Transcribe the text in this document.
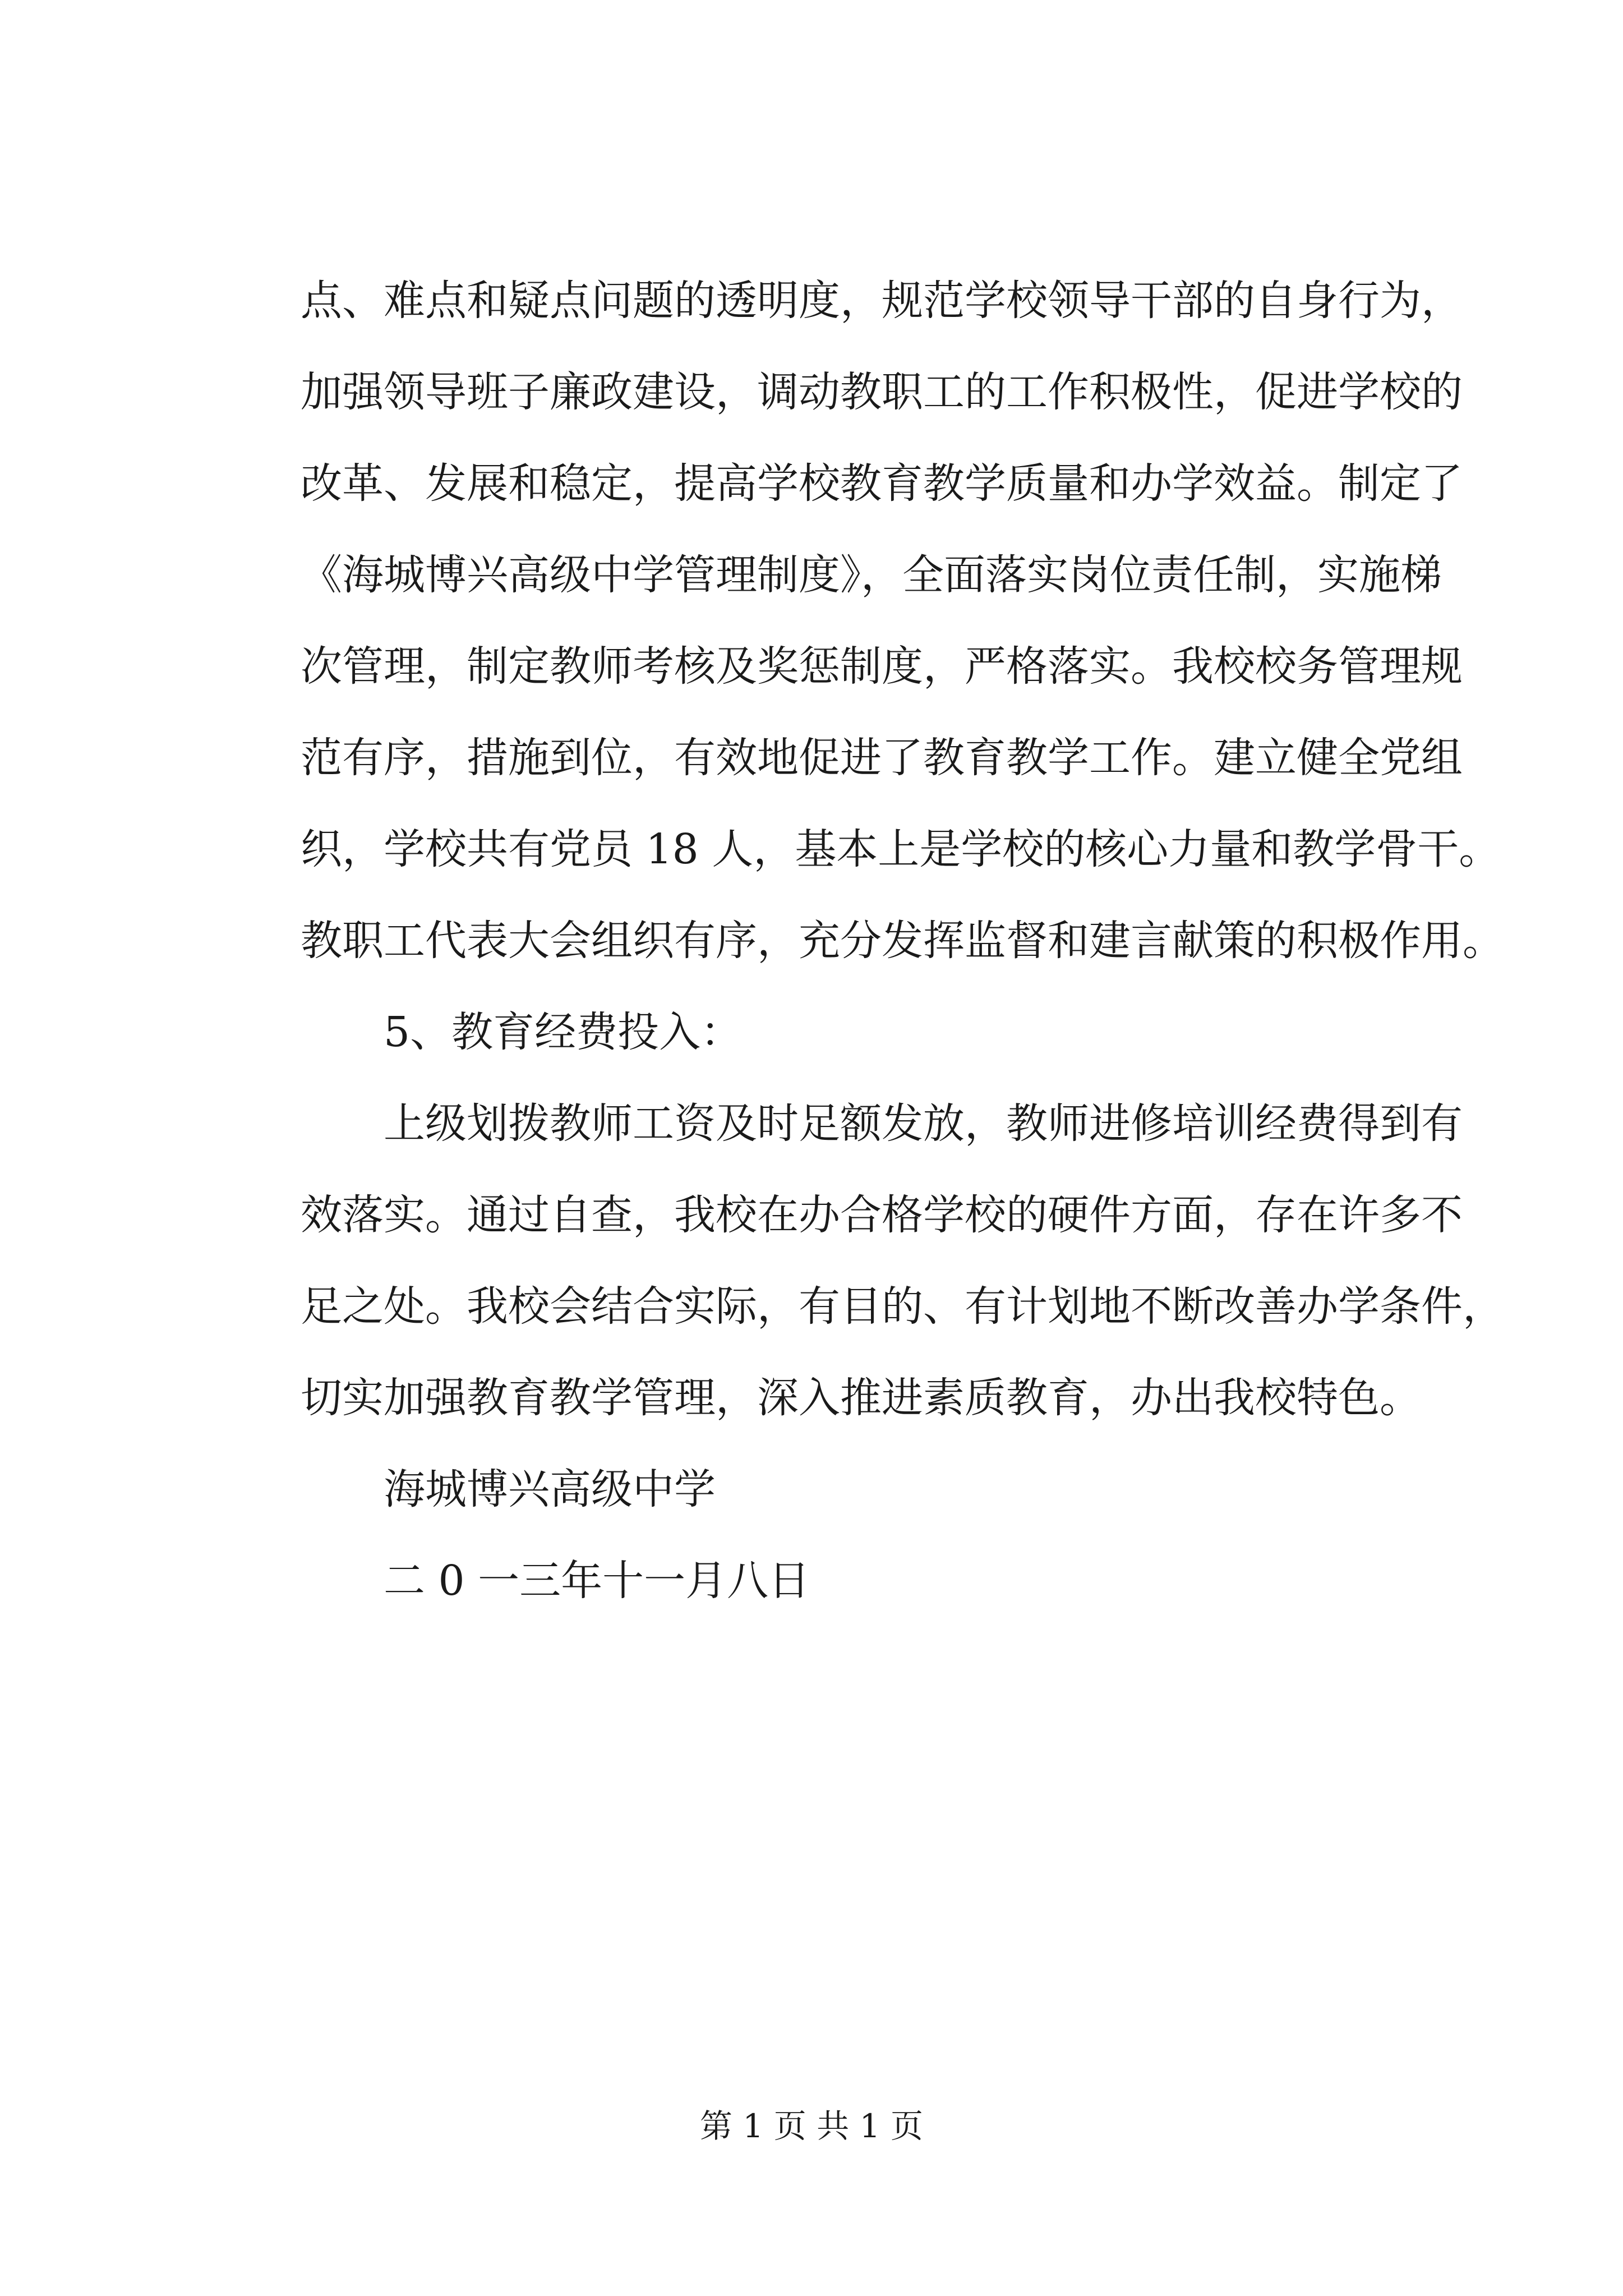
点、难点和疑点问题的透明度，规范学校领导干部的自身行为，
加强领导班子廉政建设，调动教职工的工作积极性，促进学校的
改革、发展和稳定，提高学校教育教学质量和办学效益。制定了
《海城博兴高级中学管理制度》，全面落实岗位责任制，实施梯
次管理，制定教师考核及奖惩制度，严格落实。我校校务管理规
范有序，措施到位，有效地促进了教育教学工作。建立健全党组
织，学校共有党员 18 人，基本上是学校的核心力量和教学骨干。
教职工代表大会组织有序，充分发挥监督和建言献策的积极作用。
5、教育经费投入：
上级划拨教师工资及时足额发放，教师进修培训经费得到有
效落实。通过自查，我校在办合格学校的硬件方面，存在许多不
足之处。我校会结合实际，有目的、有计划地不断改善办学条件，
切实加强教育教学管理，深入推进素质教育，办出我校特色。
海城博兴高级中学
二 0 一三年十一月八日
第 1 页 共 1 页
